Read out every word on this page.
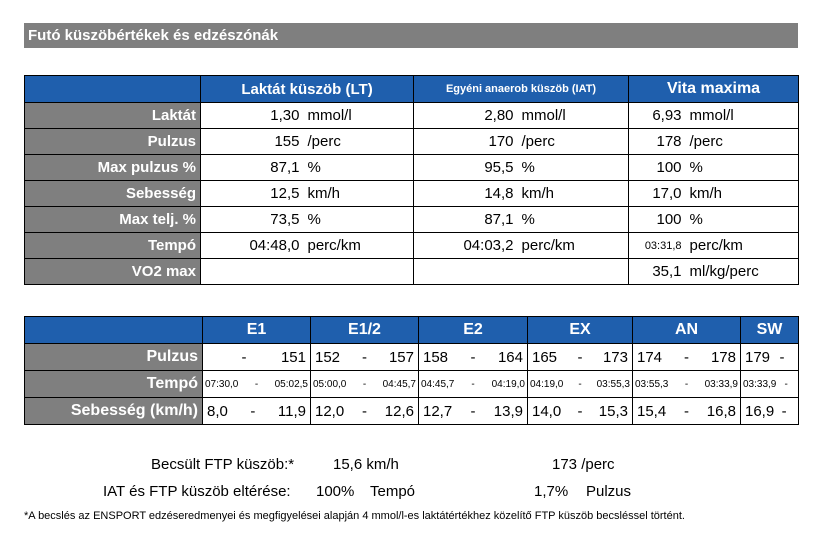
Futó küszöbértékek és edzészónák
	Laktát küszöb (LT)		Egyéni anaerob küszöb (IAT)		Vita maxima	
Laktát	1,30	mmol/l	2,80	mmol/l	6,93	mmol/l
Pulzus	155	/perc	170	/perc	178	/perc
Max pulzus %	87,1	%	95,5	%	100	%
Sebesség	12,5	km/h	14,8	km/h	17,0	km/h
Max telj. %	73,5	%	87,1	%	100	%
Tempó	04:48,0	perc/km	04:03,2	perc/km	03:31,8	perc/km
VO2 max					35,1	ml/kg/perc
	E1	E1/2	E2	EX	AN	SW
Pulzus	- 151	152 - 157	158 - 164	165 - 173	174 - 178	179 -

Tempó	07:30,0 - 05:02,5	05:00,0 - 04:45,7	04:45,7 - 04:19,0	04:19,0 - 03:55,3	03:55,3 - 03:33,9	03:33,9 -

Sebesség (km/h)	8,0 - 11,9	12,0 - 12,6	12,7 - 13,9	14,0 - 15,3	15,4 - 16,8	16,9 -
Becsült FTP küszöb:*	15,6 km/h	173 /perc
IAT és FTP küszöb eltérése: 100% Tempó	1,7% Pulzus
*A becslés az ENSPORT edzéseredmenyei és megfigyelései alapján 4 mmol/l-es laktátértékhez közelítő FTP küszöb becsléssel történt.
